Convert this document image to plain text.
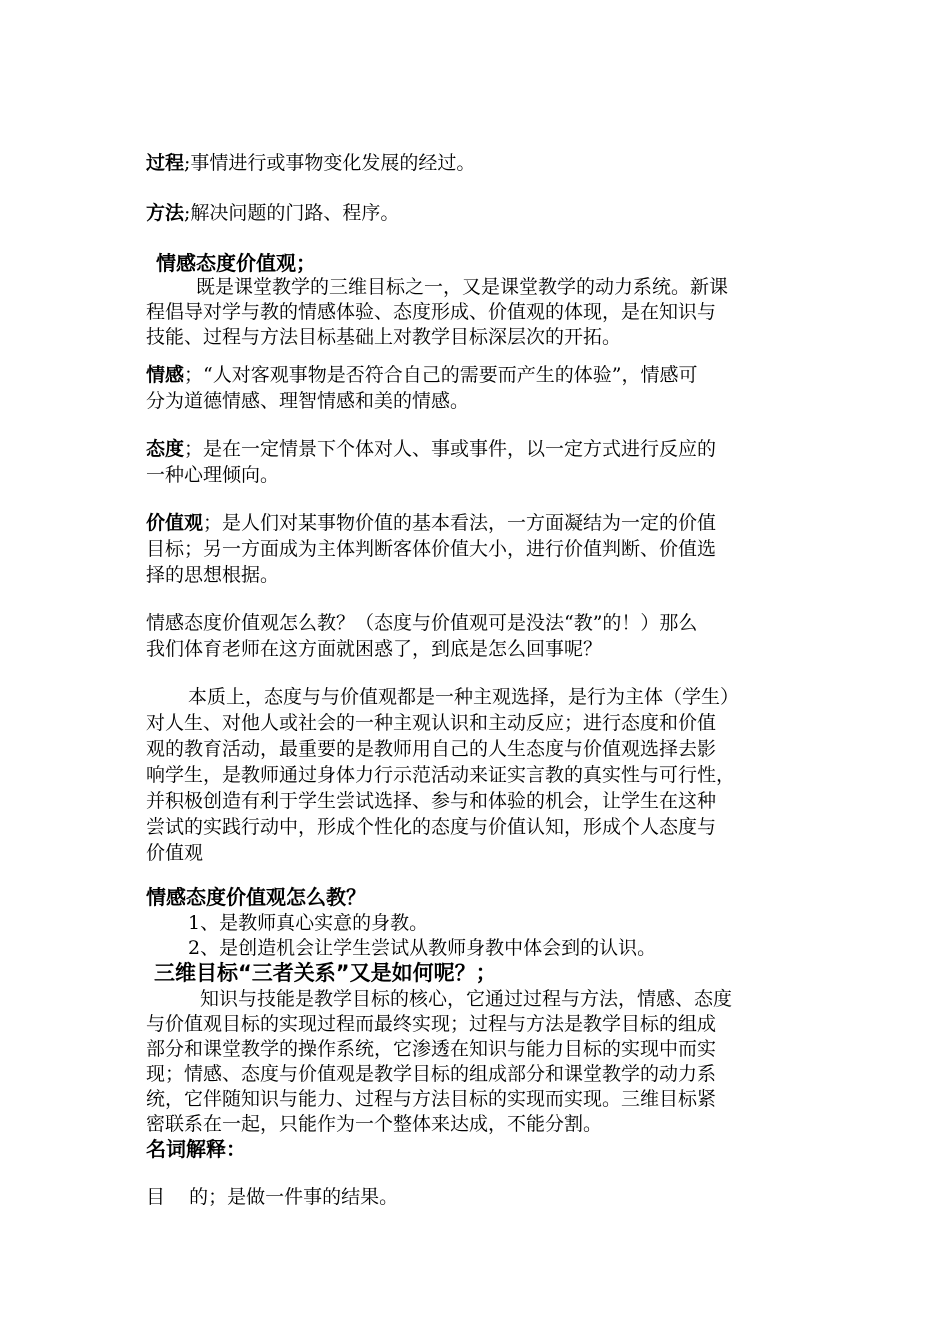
过程;事情进行或事物变化发展的经过。
方法;解决问题的门路、程序。
情感态度价值观；
既是课堂教学的三维目标之一，又是课堂教学的动力系统。新课
程倡导对学与教的情感体验、态度形成、价值观的体现，是在知识与
技能、过程与方法目标基础上对教学目标深层次的开拓。
情感；“人对客观事物是否符合自己的需要而产生的体验”，情感可
分为道德情感、理智情感和美的情感。
态度；是在一定情景下个体对人、事或事件，以一定方式进行反应的
一种心理倾向。
价值观；是人们对某事物价值的基本看法，一方面凝结为一定的价值
目标；另一方面成为主体判断客体价值大小，进行价值判断、价值选
择的思想根据。
情感态度价值观怎么教？（态度与价值观可是没法“教”的！）那么
我们体育老师在这方面就困惑了，到底是怎么回事呢？
本质上，态度与与价值观都是一种主观选择，是行为主体（学生）
对人生、对他人或社会的一种主观认识和主动反应；进行态度和价值
观的教育活动，最重要的是教师用自己的人生态度与价值观选择去影
响学生，是教师通过身体力行示范活动来证实言教的真实性与可行性，
并积极创造有利于学生尝试选择、参与和体验的机会，让学生在这种
尝试的实践行动中，形成个性化的态度与价值认知，形成个人态度与
价值观
情感态度价值观怎么教？
1、是教师真心实意的身教。
2、是创造机会让学生尝试从教师身教中体会到的认识。
三维目标“三者关系”又是如何呢？；
知识与技能是教学目标的核心，它通过过程与方法，情感、态度
与价值观目标的实现过程而最终实现；过程与方法是教学目标的组成
部分和课堂教学的操作系统，它渗透在知识与能力目标的实现中而实
现；情感、态度与价值观是教学目标的组成部分和课堂教学的动力系
统，它伴随知识与能力、过程与方法目标的实现而实现。三维目标紧
密联系在一起，只能作为一个整体来达成，不能分割。
名词解释：
目    的；是做一件事的结果。
